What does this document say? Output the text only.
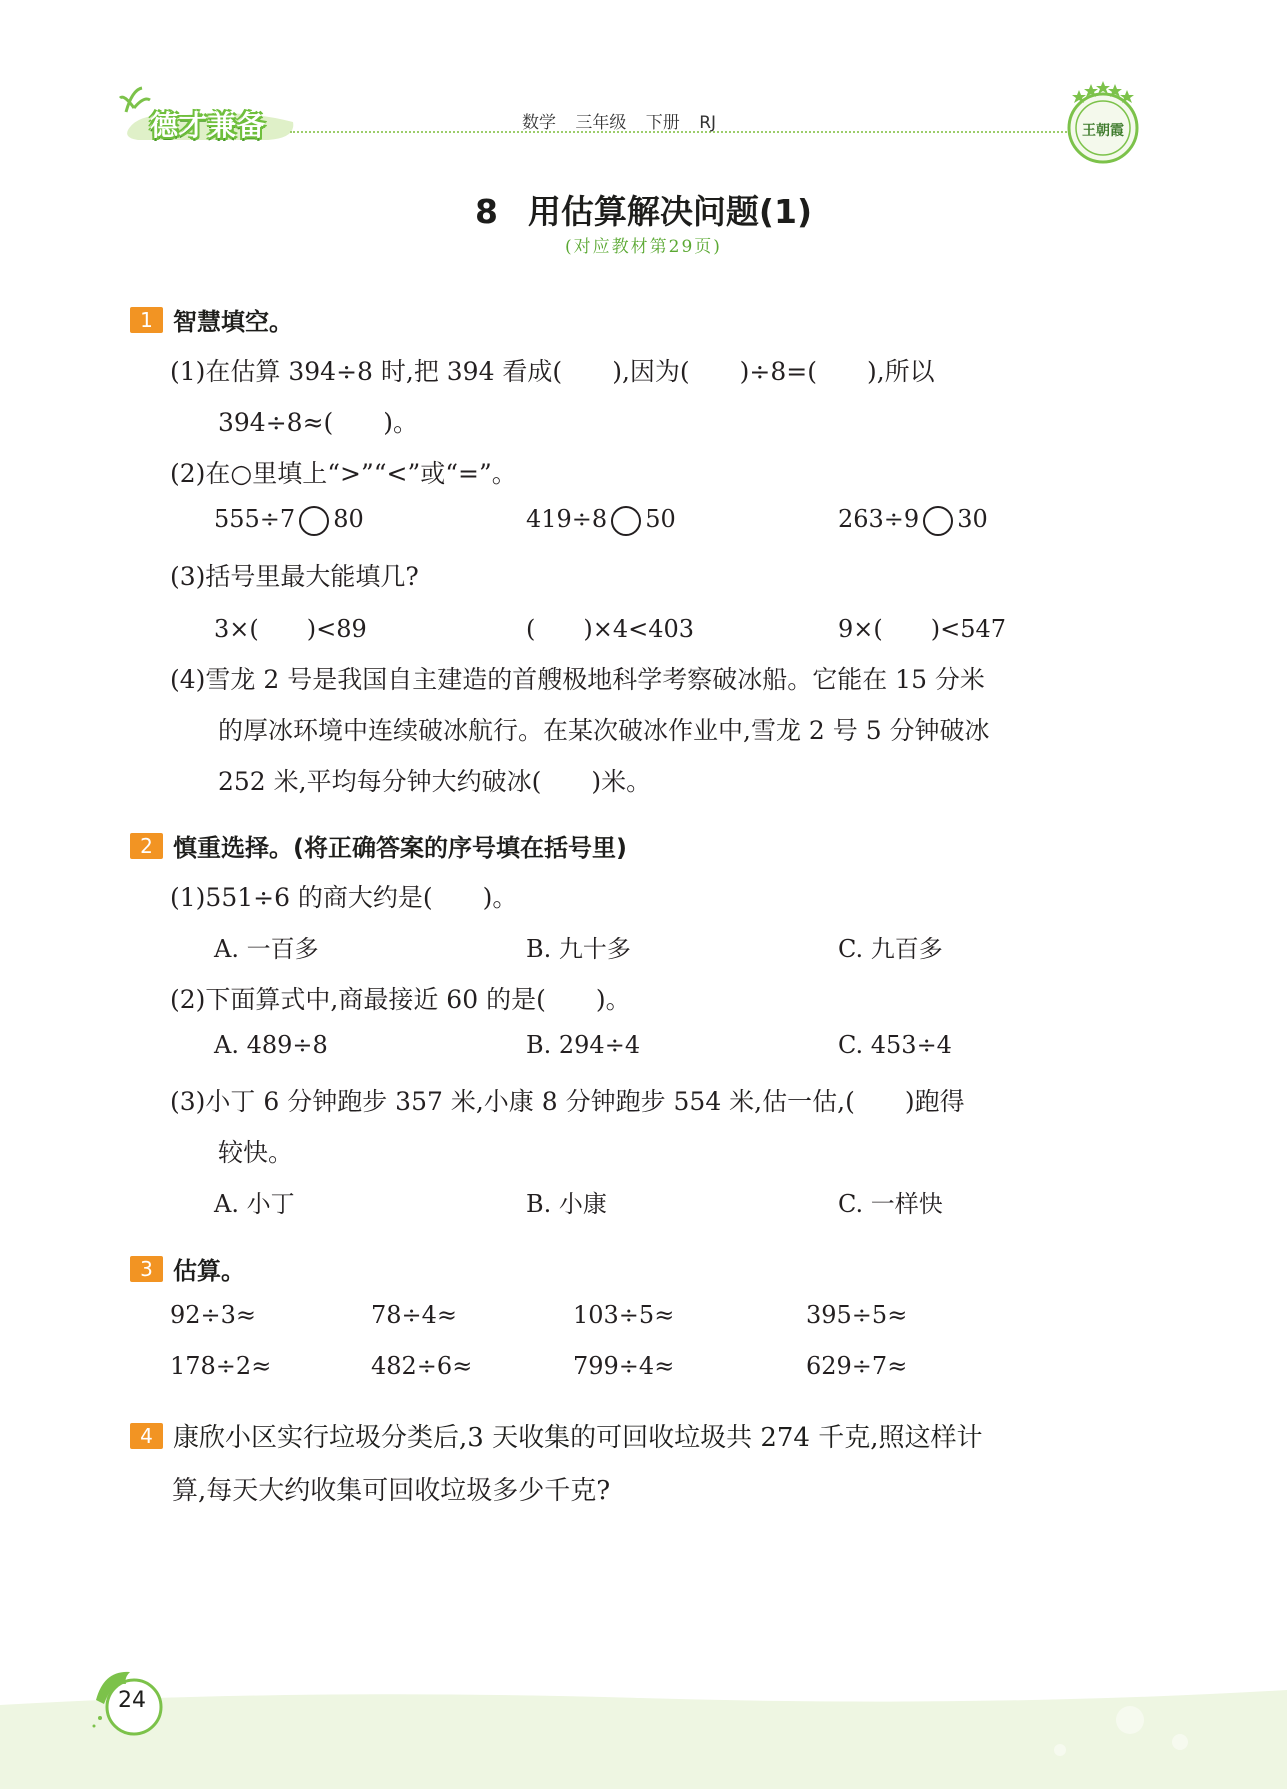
德才兼备	数学 三年级 下册 RJ	王朝霞
8 用估算解决问题(1)
(对应教材第29页)
1 智慧填空。
(1)在估算 394÷8 时,把 394 看成(　　),因为(　　)÷8=(　　),所以
394÷8≈(　　)。
(2)在○里填上“>”“<”或“=”。
555÷7 80	419÷8 50	263÷9 30
(3)括号里最大能填几?
3×(　　)<89	(　　)×4<403	9×(　　)<547
(4)雪龙 2 号是我国自主建造的首艘极地科学考察破冰船。它能在 15 分米
的厚冰环境中连续破冰航行。在某次破冰作业中,雪龙 2 号 5 分钟破冰
252 米,平均每分钟大约破冰(　　)米。
2 慎重选择。(将正确答案的序号填在括号里)
(1)551÷6 的商大约是(　　)。
A. 一百多	B. 九十多	C. 九百多
(2)下面算式中,商最接近 60 的是(　　)。
A. 489÷8	B. 294÷4	C. 453÷4
(3)小丁 6 分钟跑步 357 米,小康 8 分钟跑步 554 米,估一估,(　　)跑得
较快。
A. 小丁	B. 小康	C. 一样快
3 估算。
92÷3≈	78÷4≈	103÷5≈	395÷5≈
178÷2≈	482÷6≈	799÷4≈	629÷7≈
4 康欣小区实行垃圾分类后,3 天收集的可回收垃圾共 274 千克,照这样计
算,每天大约收集可回收垃圾多少千克?
24
